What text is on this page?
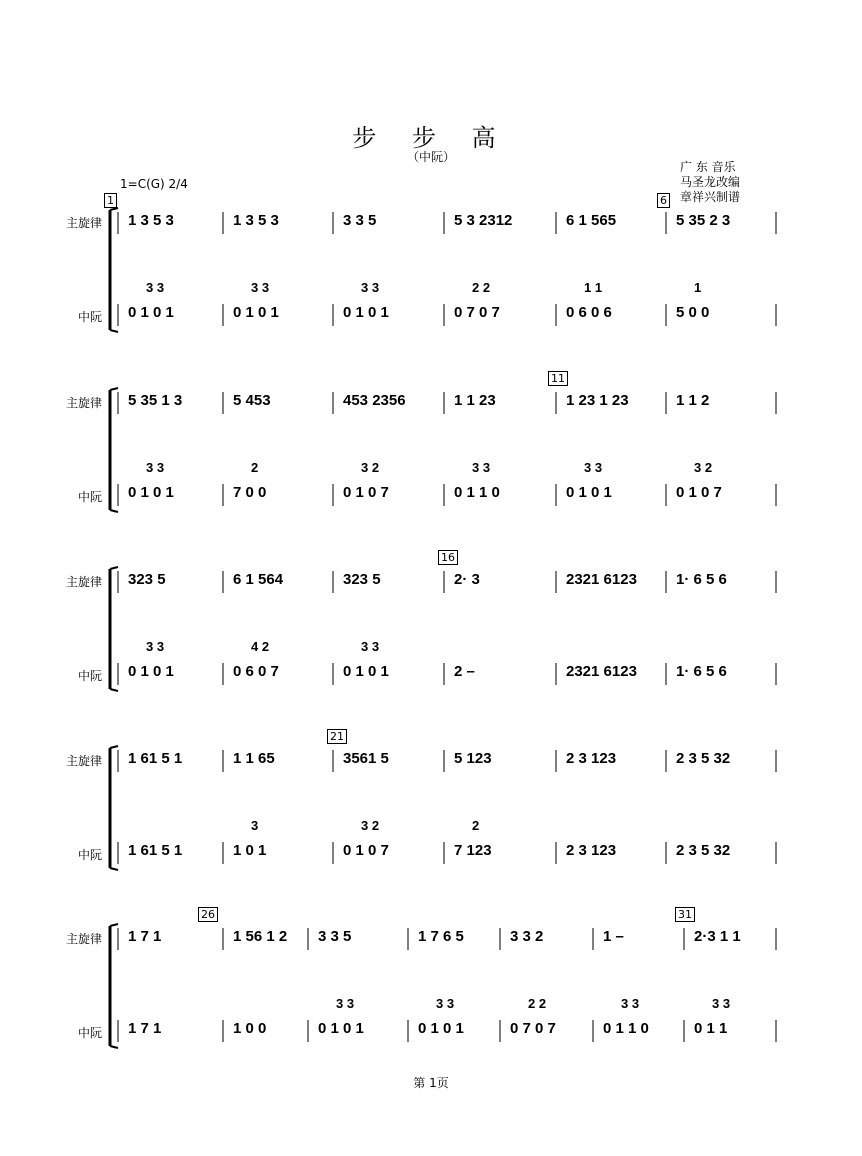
步 步 高
（中阮）
广 东 音乐
马圣龙改编
章祥兴制谱
1=C(G) 2/4
主旋律
中阮
1 3 5 3
0 1 0 1
3 3
1 3 5 3
0 1 0 1
3 3
3 3 5
0 1 0 1
3 3
5 3 2312
0 7 0 7
2 2
6 1 565
0 6 0 6
1 1
5 35 2 3
5 0 0
1
主旋律
中阮
5 35 1 3
0 1 0 1
3 3
5 453
7 0 0
2
453 2356
0 1 0 7
3 2
1 1 23
0 1 1 0
3 3
1 23 1 23
0 1 0 1
3 3
1 1 2
0 1 0 7
3 2
主旋律
中阮
323 5
0 1 0 1
3 3
6 1 564
0 6 0 7
4 2
323 5
0 1 0 1
3 3
2· 3
2 –
2321 6123
2321 6123
1· 6 5 6
1· 6 5 6
主旋律
中阮
1 61 5 1
1 61 5 1
1 1 65
1 0 1
3
3561 5
0 1 0 7
3 2
5 123
7 123
2
2 3 123
2 3 123
2 3 5 32
2 3 5 32
主旋律
中阮
1 7 1
1 7 1
1 56 1 2
1 0 0
3 3 5
0 1 0 1
3 3
1 7 6 5
0 1 0 1
3 3
3 3 2
0 7 0 7
2 2
1 –
0 1 1 0
3 3
2·3 1 1
0 1 1
3 3
1	6
11
16
21
26	31
第 1页
